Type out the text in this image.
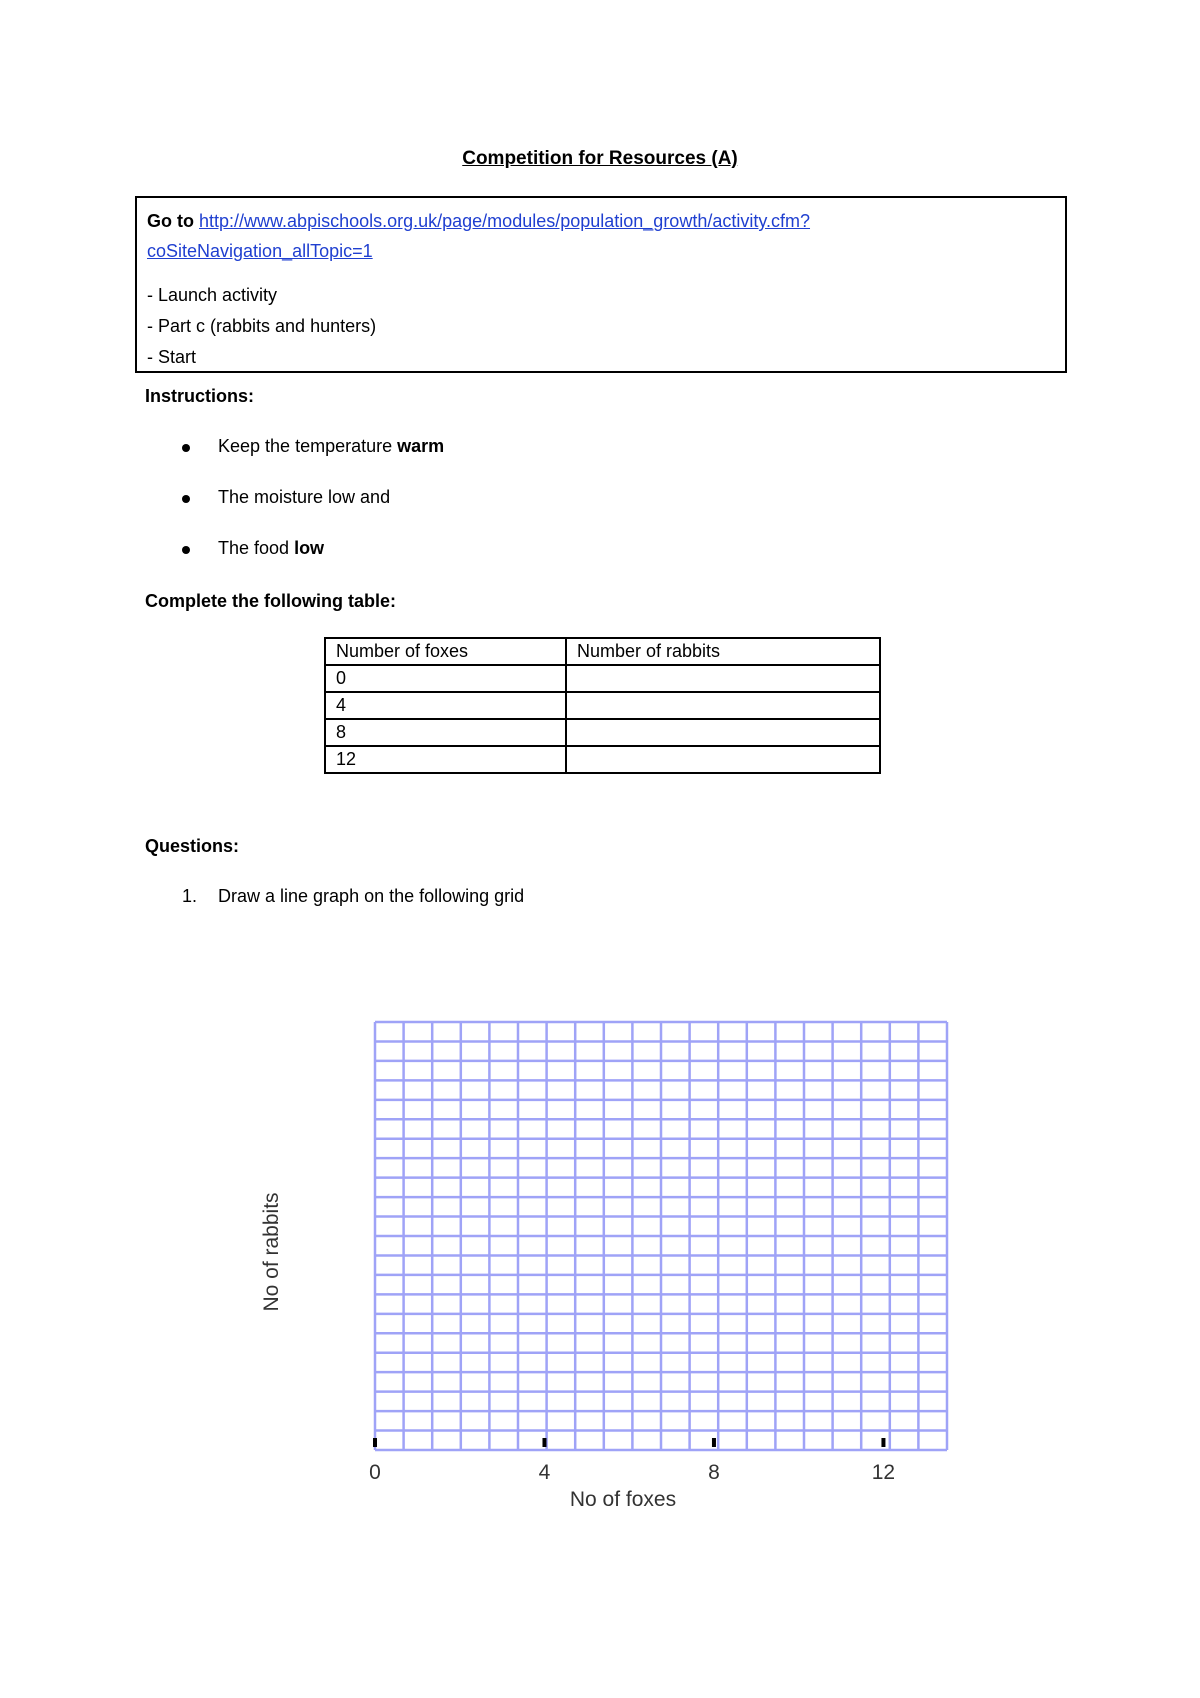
Competition for Resources (A)
Go to http://www.abpischools.org.uk/page/modules/population_growth/activity.cfm?
coSiteNavigation_allTopic=1
- Launch activity
- Part c (rabbits and hunters)
- Start
Instructions:
Keep the temperature warm
The moisture low and
The food low
Complete the following table:
Number of foxes	Number of rabbits
0	
4	
8	
12	
Questions:
1. Draw a line graph on the following grid
0	4	8	12
No of foxes
No of rabbits
